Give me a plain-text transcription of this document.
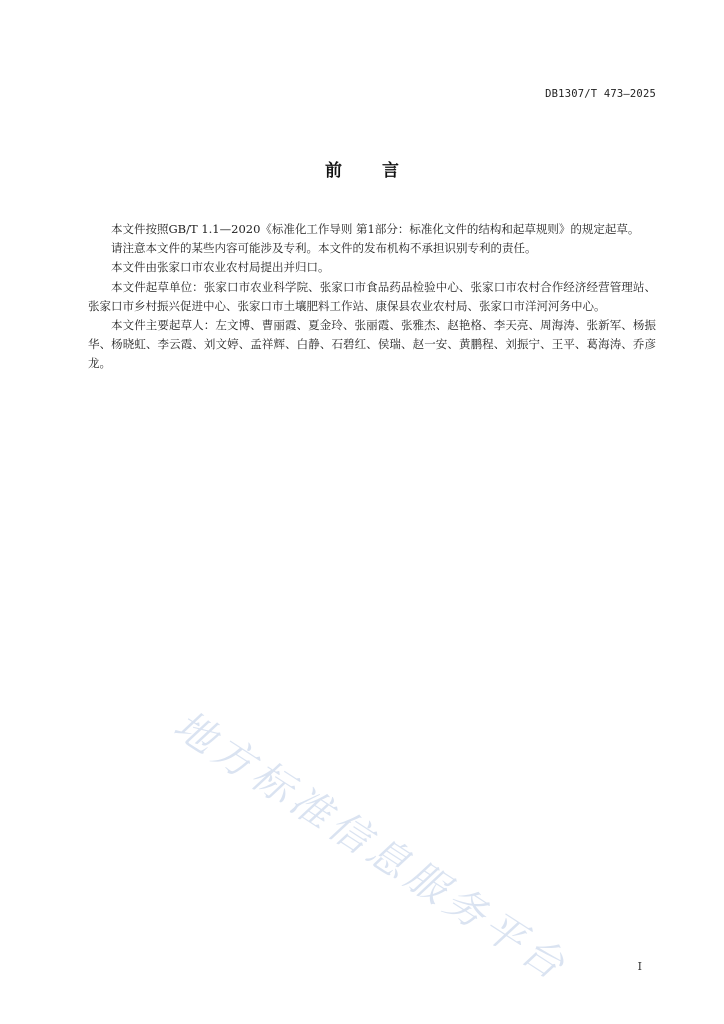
DB1307/T 473—2025
前言

本文件按照GB/T 1.1—2020《标准化工作导则 第1部分：标准化文件的结构和起草规则》的规定起草。

请注意本文件的某些内容可能涉及专利。本文件的发布机构不承担识别专利的责任。

本文件由张家口市农业农村局提出并归口。

本文件起草单位：张家口市农业科学院、张家口市食品药品检验中心、张家口市农村合作经济经营管理站、张家口市乡村振兴促进中心、张家口市土壤肥料工作站、康保县农业农村局、张家口市洋河河务中心。

本文件主要起草人：左文博、曹丽霞、夏金玲、张丽霞、张雅杰、赵艳格、李天亮、周海涛、张新军、杨振华、杨晓虹、李云霞、刘文婷、孟祥辉、白静、石碧红、侯瑞、赵一安、黄鹏程、刘振宁、王平、葛海涛、乔彦龙。

地方标准信息服务平台	I
